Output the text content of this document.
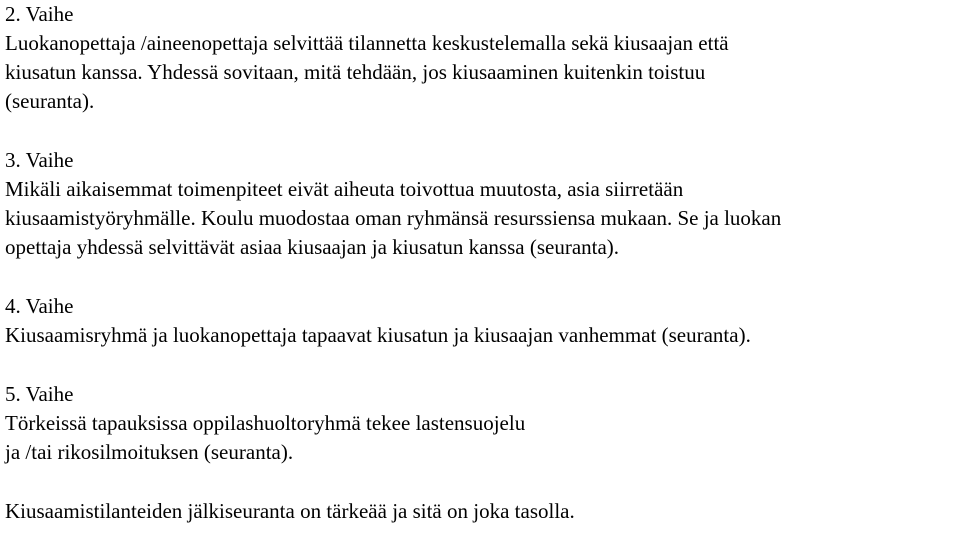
2. Vaihe
Luokanopettaja /aineenopettaja selvittää tilannetta keskustelemalla sekä kiusaajan että
kiusatun kanssa. Yhdessä sovitaan, mitä tehdään, jos kiusaaminen kuitenkin toistuu
(seuranta).
3. Vaihe
Mikäli aikaisemmat toimenpiteet eivät aiheuta toivottua muutosta, asia siirretään
kiusaamistyöryhmälle. Koulu muodostaa oman ryhmänsä resurssiensa mukaan. Se ja luokan
opettaja yhdessä selvittävät asiaa kiusaajan ja kiusatun kanssa (seuranta).
4. Vaihe
Kiusaamisryhmä ja luokanopettaja tapaavat kiusatun ja kiusaajan vanhemmat (seuranta).
5. Vaihe
Törkeissä tapauksissa oppilashuoltoryhmä tekee lastensuojelu
ja /tai rikosilmoituksen (seuranta).
Kiusaamistilanteiden jälkiseuranta on tärkeää ja sitä on joka tasolla.
